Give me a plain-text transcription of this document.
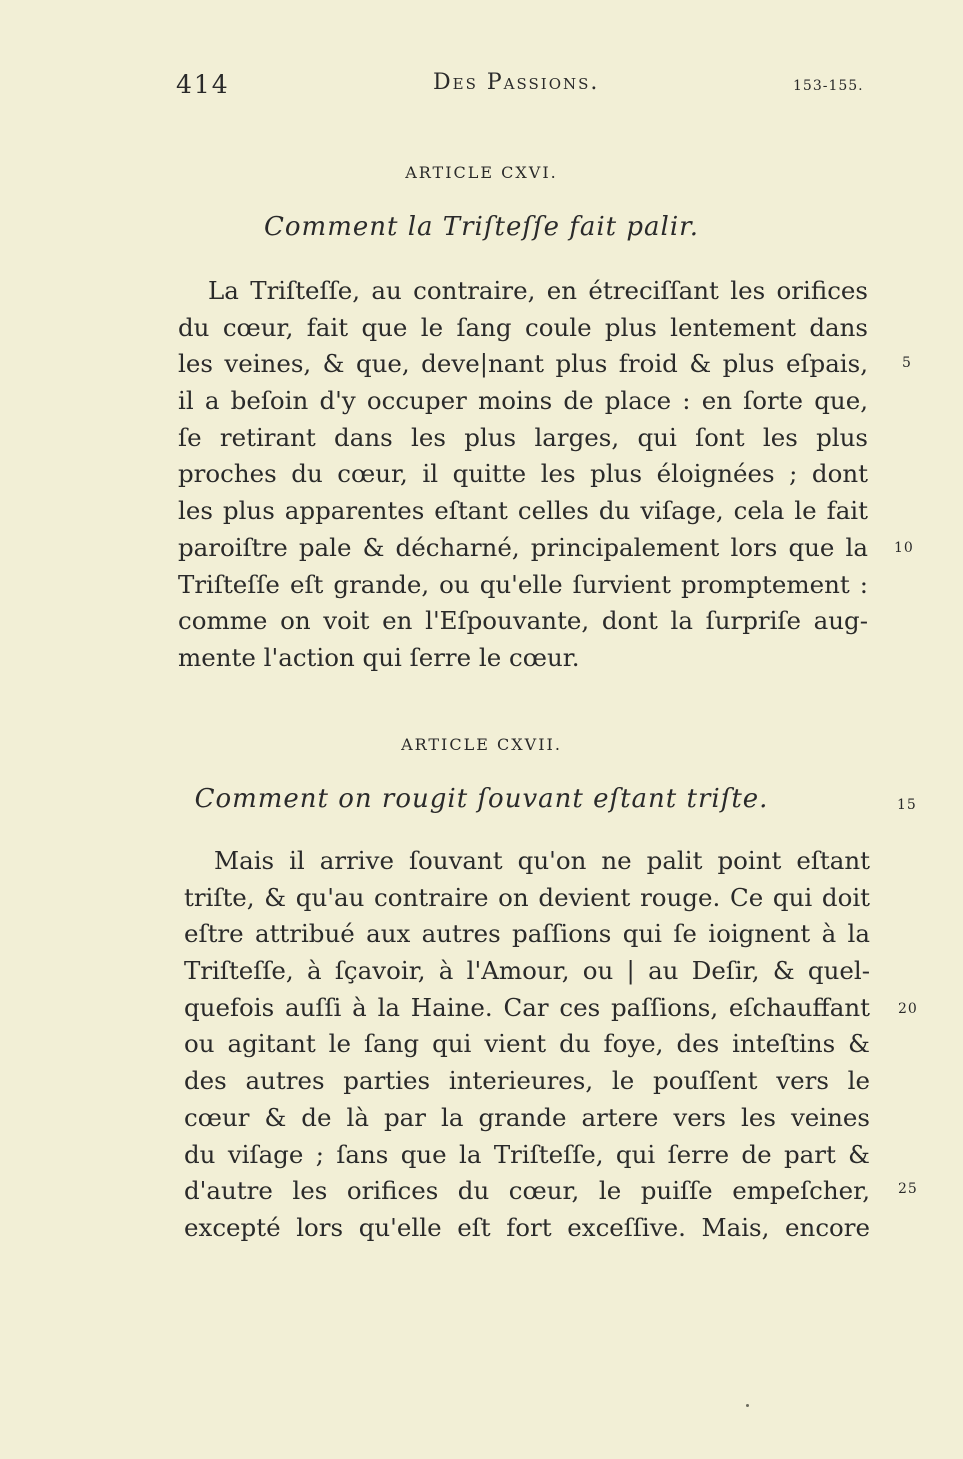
414	Des Passions.	153-155.
ARTICLE CXVI.
Comment la Triſteſſe fait palir.
La Triſteſſe, au contraire, en étreciſſant les orifices
du cœur, fait que le ſang coule plus lentement dans
les veines, & que, deve|nant plus froid & plus eſpais,
il a beſoin d'y occuper moins de place : en ſorte que,
ſe retirant dans les plus larges, qui ſont les plus
proches du cœur, il quitte les plus éloignées ; dont
les plus apparentes eſtant celles du viſage, cela le fait
paroiſtre pale & décharné, principalement lors que la
Triſteſſe eſt grande, ou qu'elle ſurvient promptement :
comme on voit en l'Eſpouvante, dont la ſurpriſe aug-
mente l'action qui ſerre le cœur.
ARTICLE CXVII.
Comment on rougit ſouvant eſtant triſte.
Mais il arrive ſouvant qu'on ne palit point eſtant
triſte, & qu'au contraire on devient rouge. Ce qui doit
eſtre attribué aux autres paſſions qui ſe ioignent à la
Triſteſſe, à ſçavoir, à l'Amour, ou | au Deſir, & quel-
quefois auſſi à la Haine. Car ces paſſions, eſchauffant
ou agitant le ſang qui vient du foye, des inteſtins &
des autres parties interieures, le pouſſent vers le
cœur & de là par la grande artere vers les veines
du viſage ; ſans que la Triſteſſe, qui ſerre de part &
d'autre les orifices du cœur, le puiſſe empeſcher,
excepté lors qu'elle eſt fort exceſſive. Mais, encore
5
10
15
20
25
